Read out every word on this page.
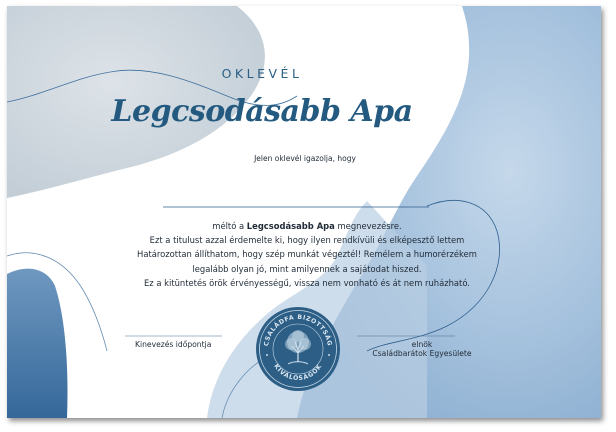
OKLEVÉL
Legcsodásabb Apa
Jelen oklevél igazolja, hogy
méltó a Legcsodásabb Apa megnevezésre.
Ezt a titulust azzal érdemelte ki, hogy ilyen rendkívüli és elképesztő lettem
Határozottan állíthatom, hogy szép munkát végeztél! Remélem a humorérzékem
legalább olyan jó, mint amilyennek a sajátodat hiszed.
Ez a kitüntetés örök érvényességű, vissza nem vonható és át nem ruházható.
Kinevezés időpontja	elnök
Családbarátok Egyesülete
CSALÁDFA BIZOTTSÁG
KIVÁLÓSÁGOK
